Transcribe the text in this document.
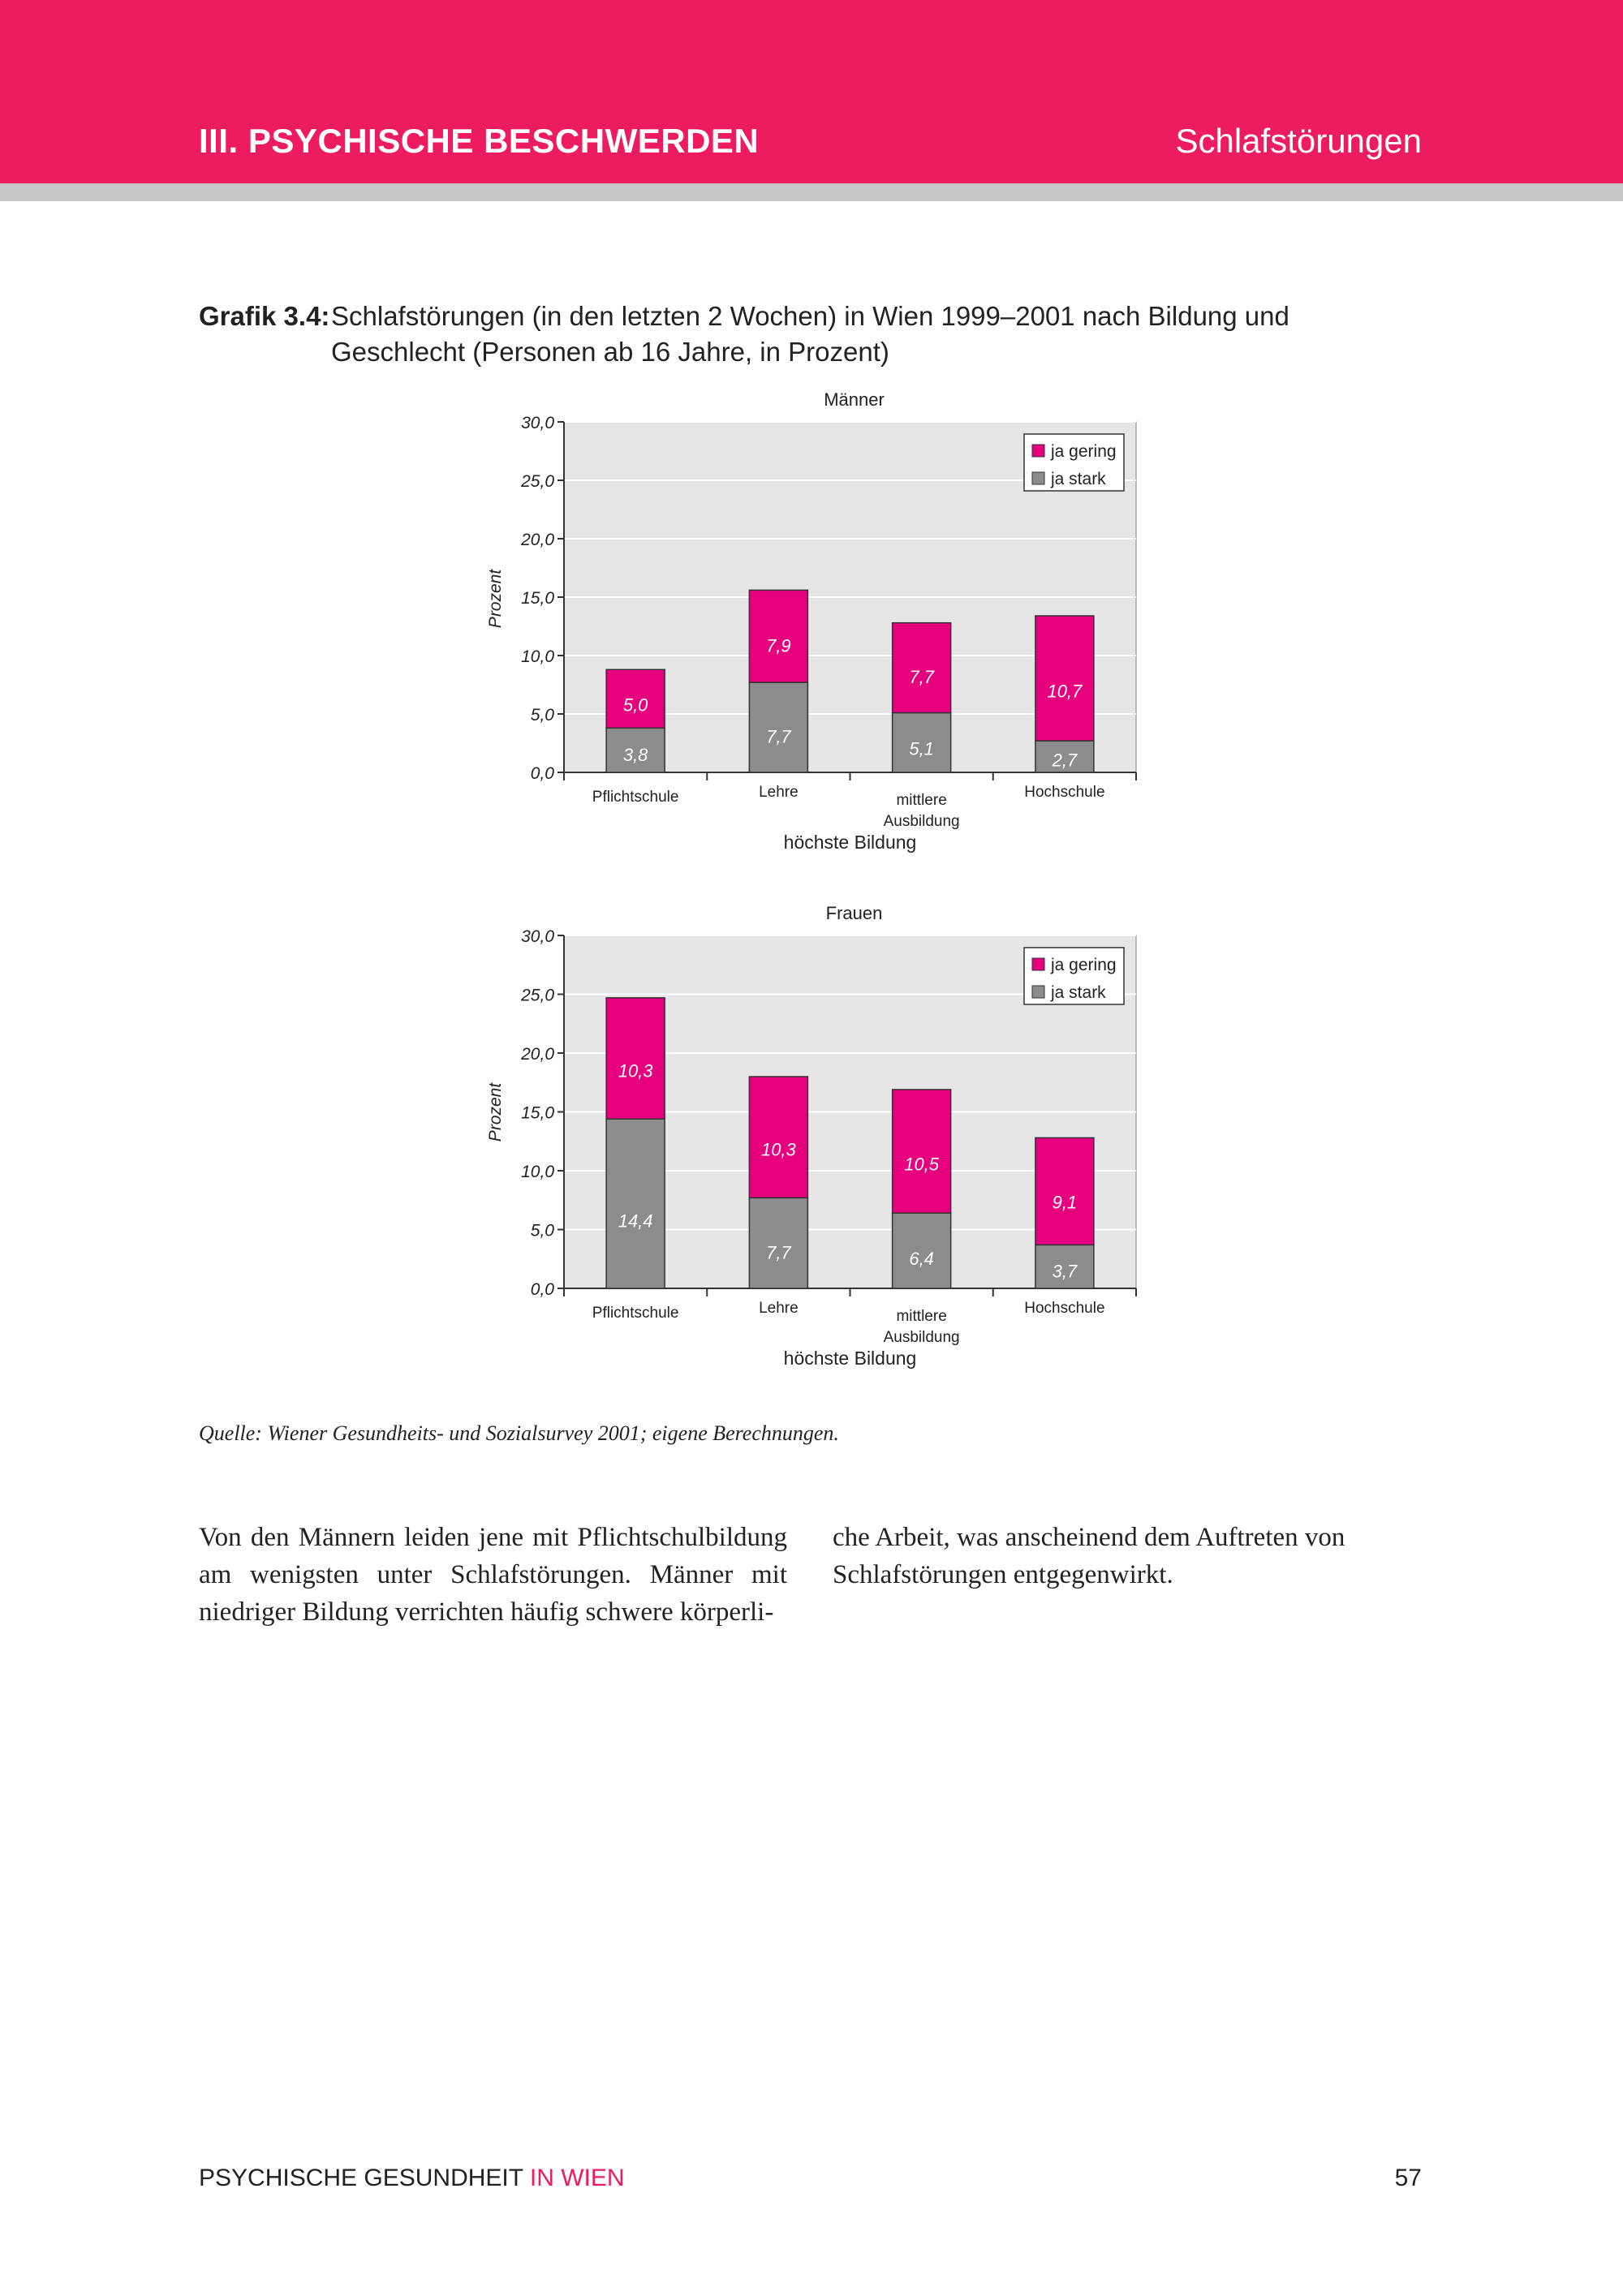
III. PSYCHISCHE BESCHWERDEN	Schlafstörungen
Grafik 3.4: Schlafstörungen (in den letzten 2 Wochen) in Wien 1999–2001 nach Bildung und Geschlecht (Personen ab 16 Jahre, in Prozent)
0,0
5,0
10,0
15,0
20,0
25,0
30,0
3,8
5,0
Pflichtschule
7,7
7,9
Lehre
5,1
7,7
mittlere
Ausbildung
2,7
10,7
Hochschule
Männer
höchste Bildung
Prozent
ja gering
ja stark
0,0
5,0
10,0
15,0
20,0
25,0
30,0
14,4
10,3
Pflichtschule
7,7
10,3
Lehre
6,4
10,5
mittlere
Ausbildung
3,7
9,1
Hochschule
Frauen
höchste Bildung
Prozent
ja gering
ja stark
Quelle: Wiener Gesundheits- und Sozialsurvey 2001; eigene Berechnungen.
Von den Männern leiden jene mit Pflichtschulbildung am wenigsten unter Schlafstörungen. Männer mit niedriger Bildung verrichten häufig schwere körperli-
che Arbeit, was anscheinend dem Auftreten von Schlafstörungen entgegenwirkt.
PSYCHISCHE GESUNDHEIT IN WIEN	57
